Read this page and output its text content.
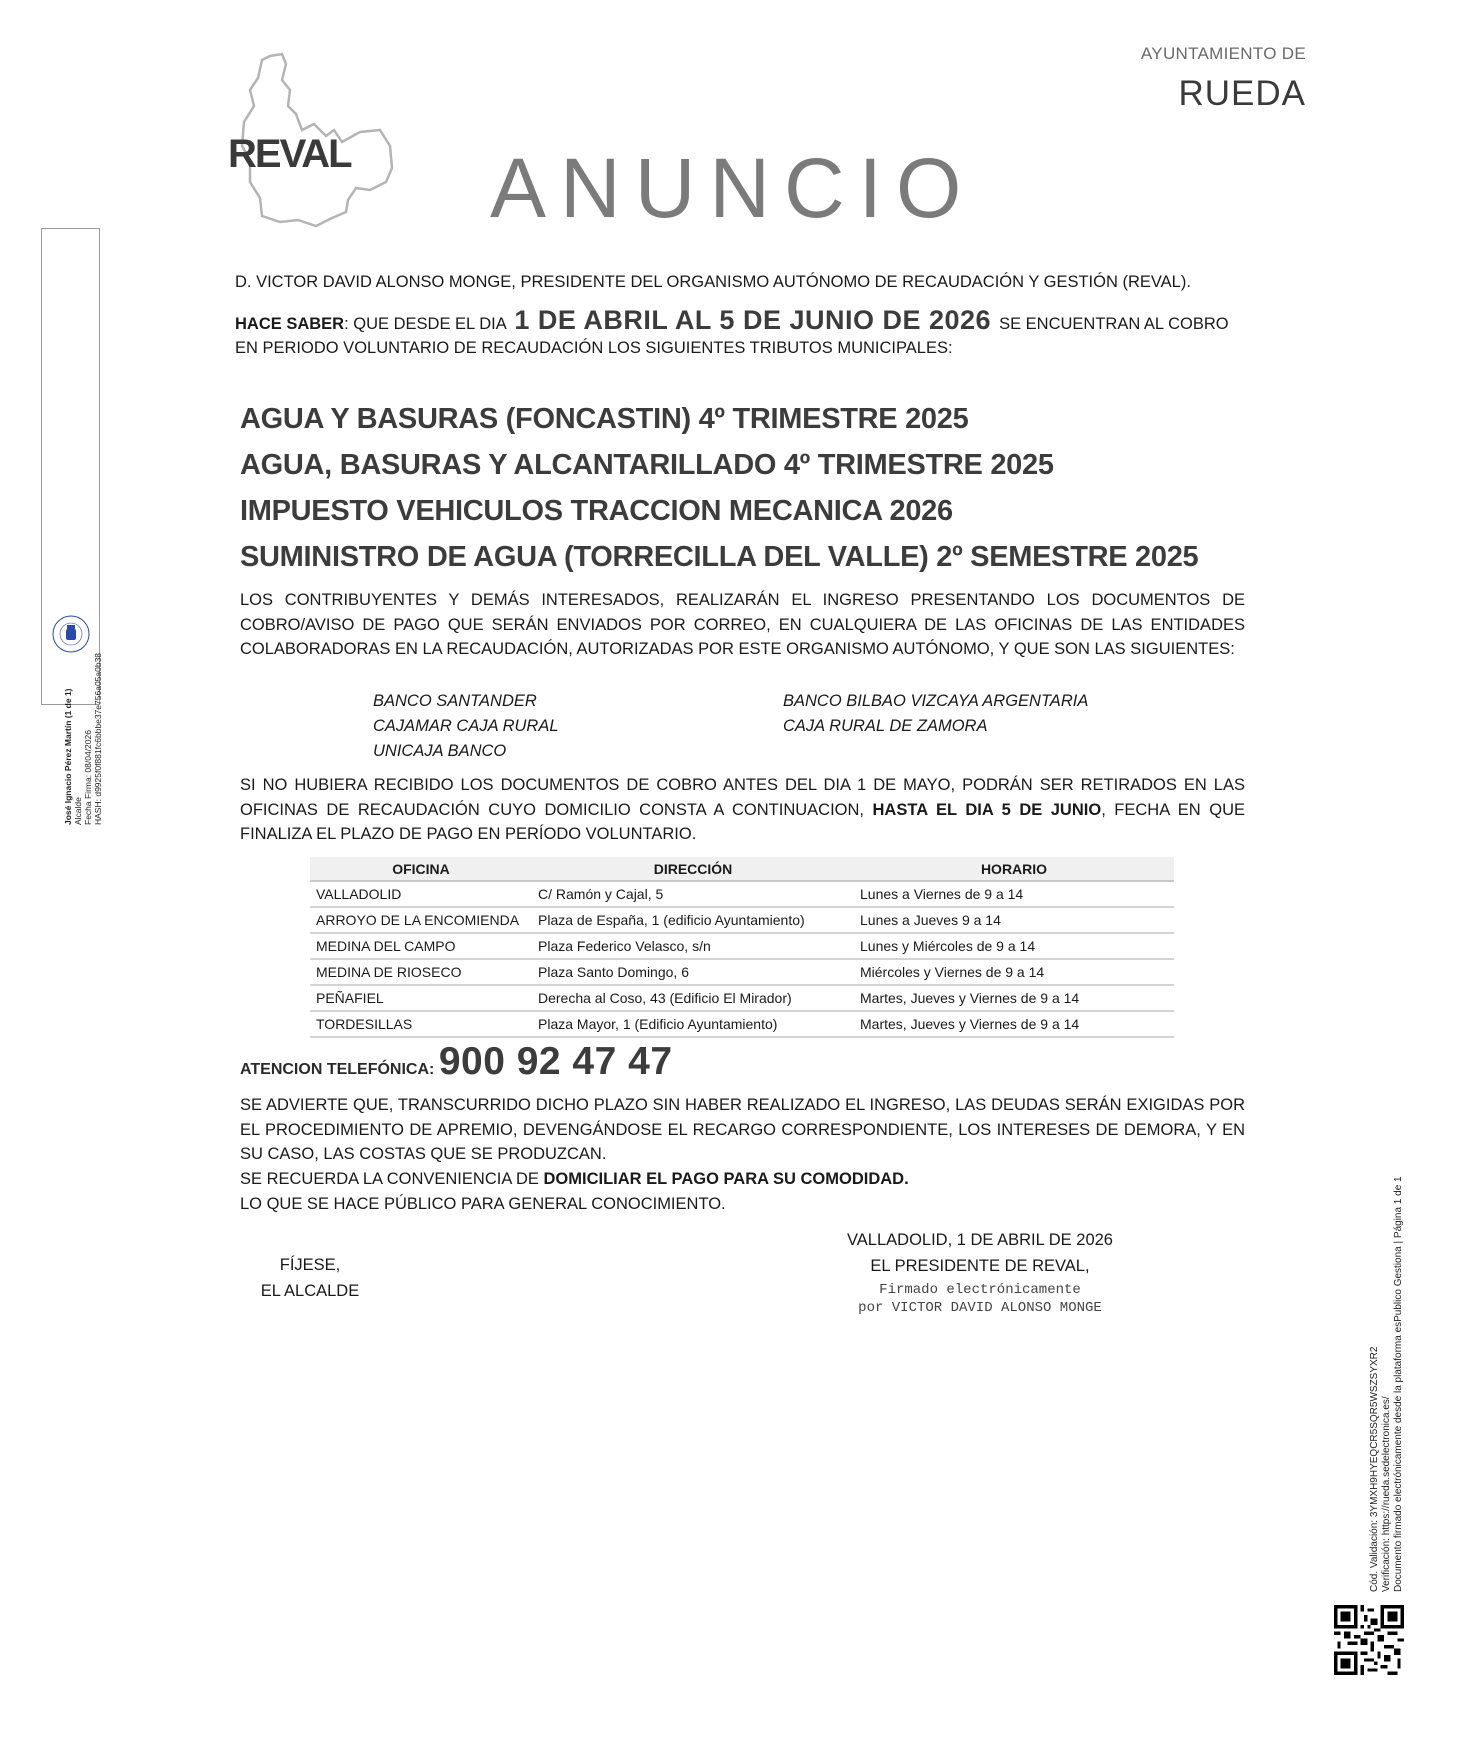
REVAL
AYUNTAMIENTO DE
RUEDA
ANUNCIO
José Ignacio Pérez Martín (1 de 1) Alcalde Fecha Firma: 08/04/2026 HASH: d9925f0f881fc6bbbe37e756a05a0b38
D. VICTOR DAVID ALONSO MONGE, PRESIDENTE DEL ORGANISMO AUTÓNOMO DE RECAUDACIÓN Y GESTIÓN (REVAL).
HACE SABER: QUE DESDE EL DIA 1 DE ABRIL AL 5 DE JUNIO DE 2026 SE ENCUENTRAN AL COBRO EN PERIODO VOLUNTARIO DE RECAUDACIÓN LOS SIGUIENTES TRIBUTOS MUNICIPALES:
AGUA Y BASURAS (FONCASTIN) 4º TRIMESTRE 2025
AGUA, BASURAS Y ALCANTARILLADO 4º TRIMESTRE 2025
IMPUESTO VEHICULOS TRACCION MECANICA 2026
SUMINISTRO DE AGUA (TORRECILLA DEL VALLE) 2º SEMESTRE 2025
LOS CONTRIBUYENTES Y DEMÁS INTERESADOS, REALIZARÁN EL INGRESO PRESENTANDO LOS DOCUMENTOS DE COBRO/AVISO DE PAGO QUE SERÁN ENVIADOS POR CORREO, EN CUALQUIERA DE LAS OFICINAS DE LAS ENTIDADES COLABORADORAS EN LA RECAUDACIÓN, AUTORIZADAS POR ESTE ORGANISMO AUTÓNOMO, Y QUE SON LAS SIGUIENTES:
BANCO SANTANDER
CAJAMAR CAJA RURAL
UNICAJA BANCO
BANCO BILBAO VIZCAYA ARGENTARIA
CAJA RURAL DE ZAMORA
SI NO HUBIERA RECIBIDO LOS DOCUMENTOS DE COBRO ANTES DEL DIA 1 DE MAYO, PODRÁN SER RETIRADOS EN LAS OFICINAS DE RECAUDACIÓN CUYO DOMICILIO CONSTA A CONTINUACION, HASTA EL DIA 5 DE JUNIO, FECHA EN QUE FINALIZA EL PLAZO DE PAGO EN PERÍODO VOLUNTARIO.
OFICINA	DIRECCIÓN	HORARIO
VALLADOLID	C/ Ramón y Cajal, 5	Lunes a Viernes de 9 a 14
ARROYO DE LA ENCOMIENDA	Plaza de España, 1 (edificio Ayuntamiento)	Lunes a Jueves 9 a 14
MEDINA DEL CAMPO	Plaza Federico Velasco, s/n	Lunes y Miércoles de 9 a 14
MEDINA DE RIOSECO	Plaza Santo Domingo, 6	Miércoles y Viernes de 9 a 14
PEÑAFIEL	Derecha al Coso, 43 (Edificio El Mirador)	Martes, Jueves y Viernes de 9 a 14
TORDESILLAS	Plaza Mayor, 1 (Edificio Ayuntamiento)	Martes, Jueves y Viernes de 9 a 14
ATENCION TELEFÓNICA: 900 92 47 47
SE ADVIERTE QUE, TRANSCURRIDO DICHO PLAZO SIN HABER REALIZADO EL INGRESO, LAS DEUDAS SERÁN EXIGIDAS POR EL PROCEDIMIENTO DE APREMIO, DEVENGÁNDOSE EL RECARGO CORRESPONDIENTE, LOS INTERESES DE DEMORA, Y EN SU CASO, LAS COSTAS QUE SE PRODUZCAN.
SE RECUERDA LA CONVENIENCIA DE DOMICILIAR EL PAGO PARA SU COMODIDAD.
LO QUE SE HACE PÚBLICO PARA GENERAL CONOCIMIENTO.
FÍJESE,
EL ALCALDE
VALLADOLID, 1 DE ABRIL DE 2026
EL PRESIDENTE DE REVAL,
Firmado electrónicamente
por VICTOR DAVID ALONSO MONGE
Cód. Validación: 3YMXH9HYEQCR5SQR5WSZSYXR2 Verificación: https://rueda.sedelectronica.es/ Documento firmado electrónicamente desde la plataforma esPublico Gestiona | Página 1 de 1
